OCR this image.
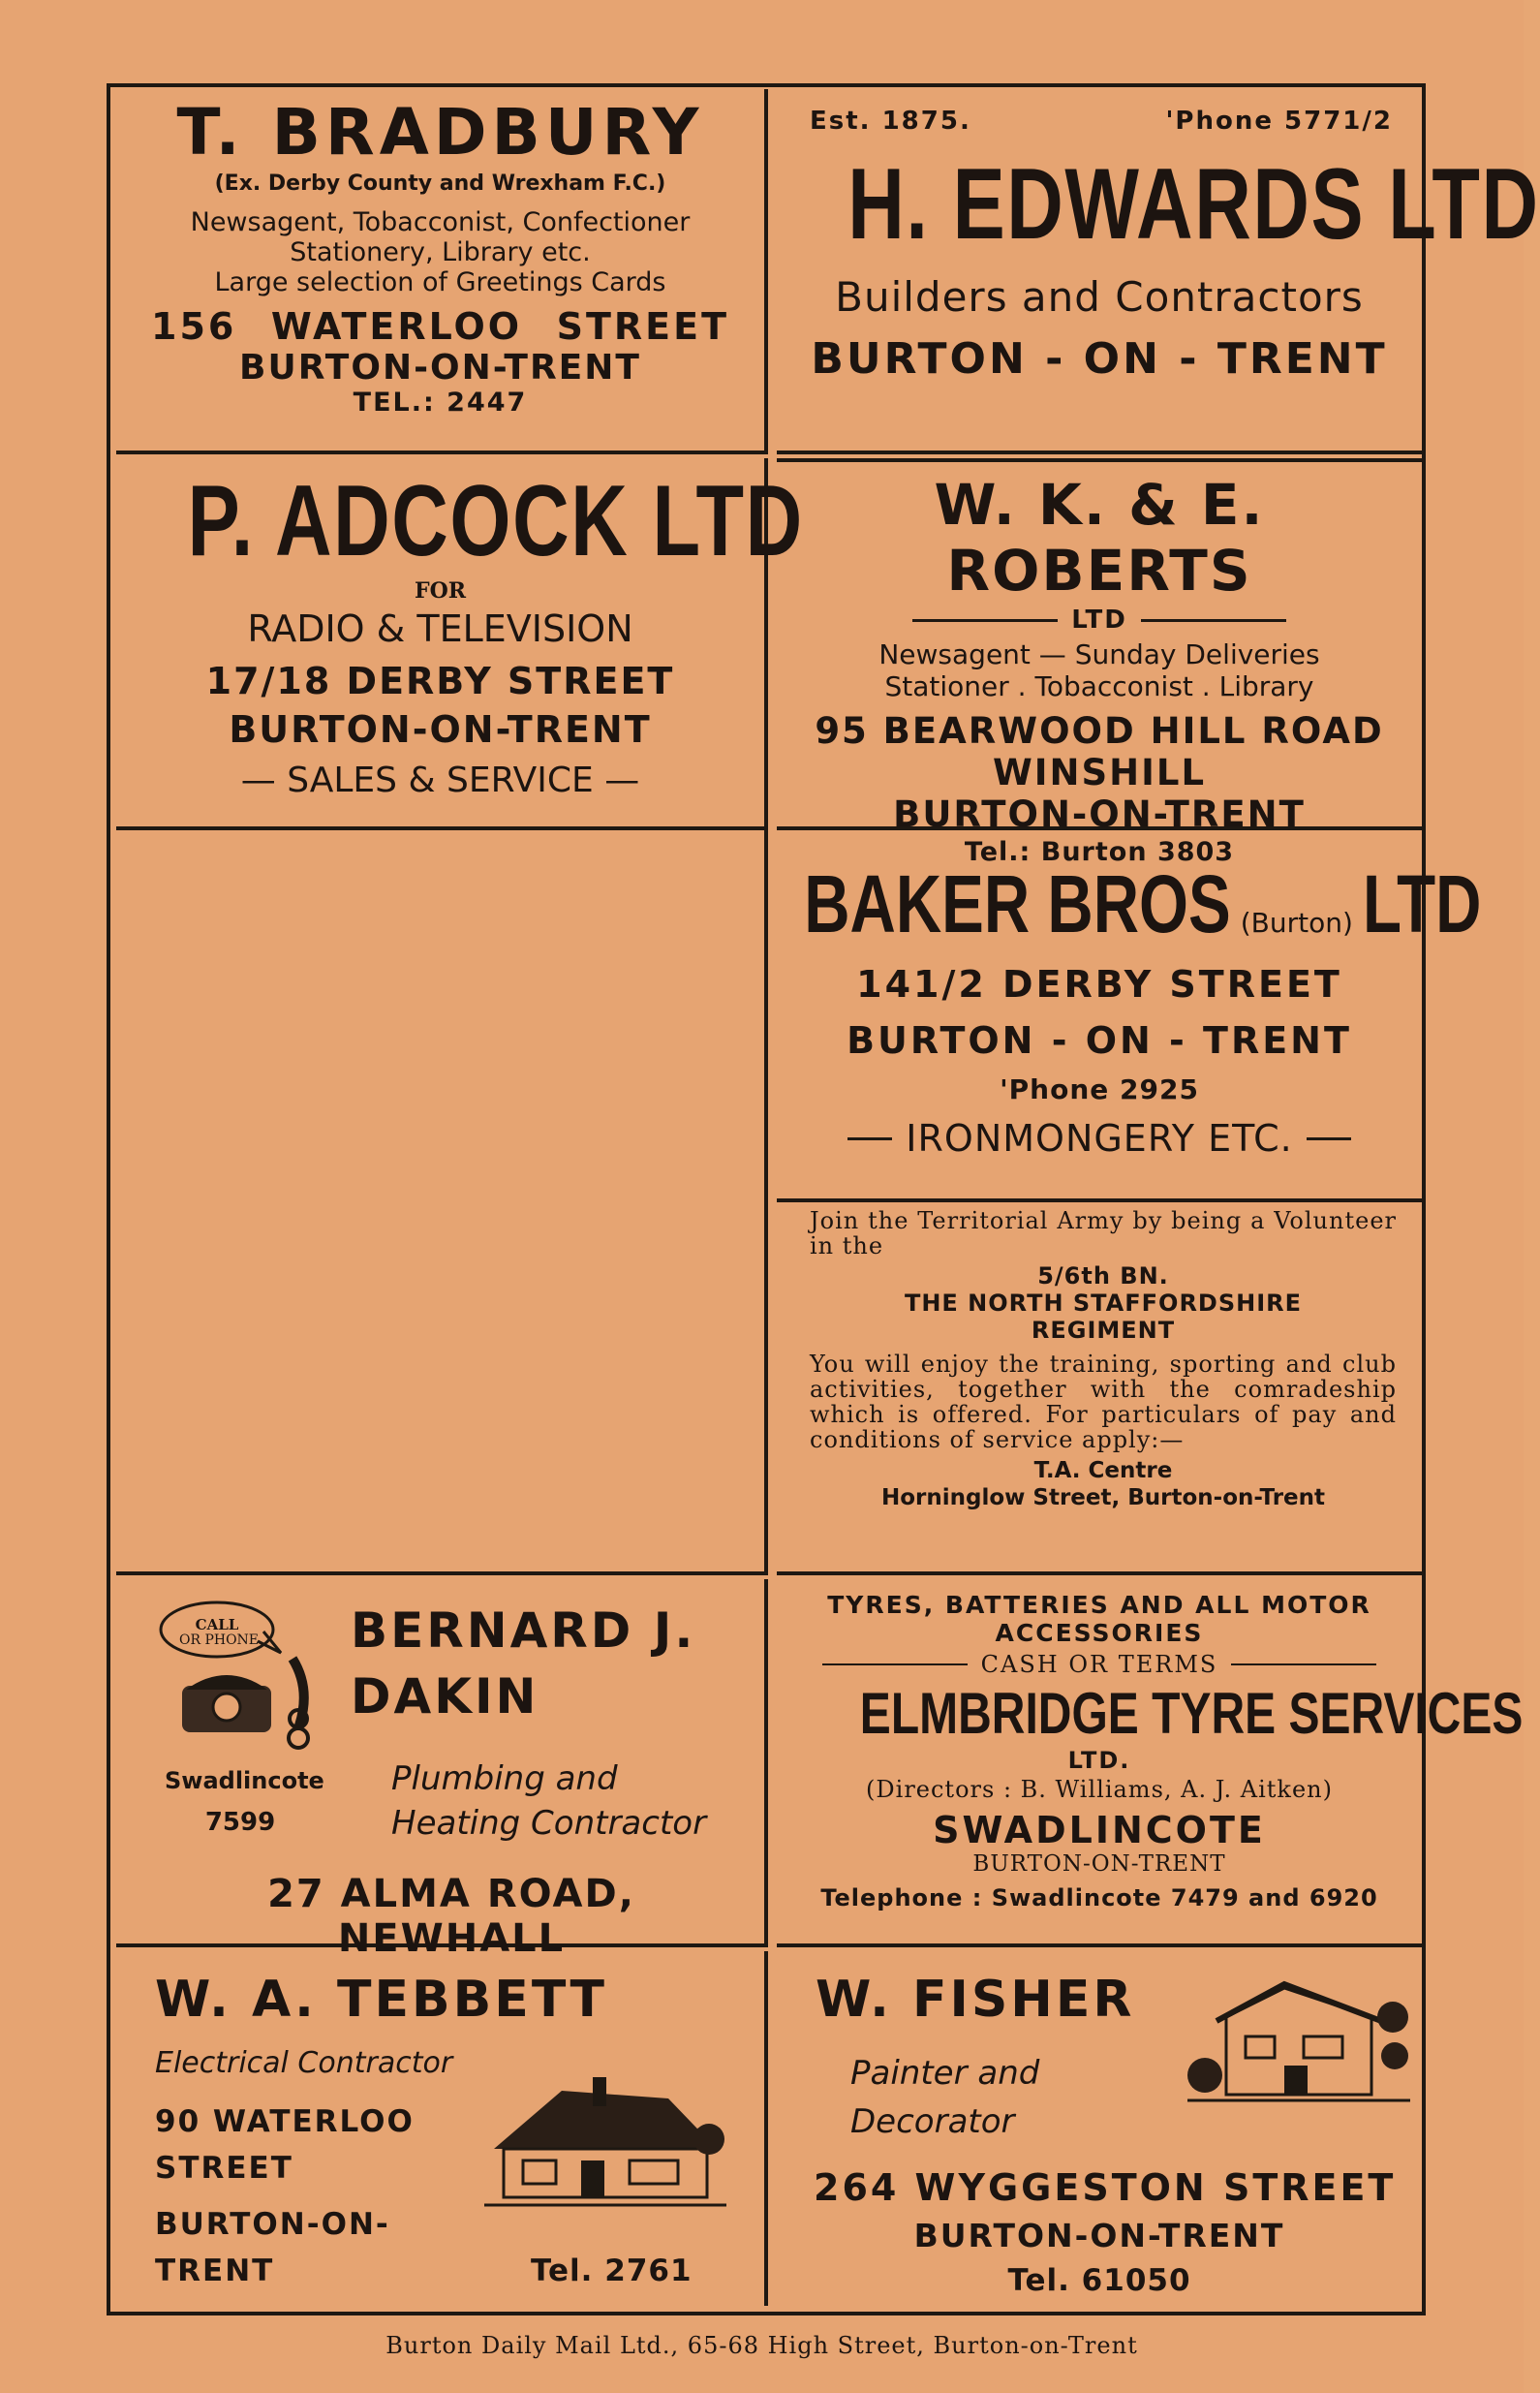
T. BRADBURY
(Ex. Derby County and Wrexham F.C.)
Newsagent, Tobacconist, Confectioner
Stationery, Library etc.
Large selection of Greetings Cards
156 WATERLOO STREET
BURTON-ON-TRENT
TEL.: 2447
Est. 1875.	'Phone 5771/2
H. EDWARDS LTD
Builders and Contractors
BURTON - ON - TRENT
P. ADCOCK LTD
FOR
RADIO & TELEVISION
17/18 DERBY STREET
BURTON-ON-TRENT
— SALES & SERVICE —
W. K. & E. ROBERTS
LTD
Newsagent — Sunday Deliveries
Stationer . Tobacconist . Library
95 BEARWOOD HILL ROAD
WINSHILL
BURTON-ON-TRENT
Tel.: Burton 3803
BAKER BROS (Burton) LTD
141/2 DERBY STREET
BURTON - ON - TRENT
'Phone 2925
IRONMONGERY ETC.
Join the Territorial Army by being a Volunteer in the
5/6th BN.
THE NORTH STAFFORDSHIRE
REGIMENT
You will enjoy the training, sporting and club activities, together with the comradeship which is offered. For particulars of pay and conditions of service apply:—
T.A. Centre
Horninglow Street, Burton-on-Trent
CALL
OR PHONE BERNARD J.
DAKIN
Swadlincote
7599
Plumbing and
Heating Contractor
27 ALMA ROAD, NEWHALL
TYRES, BATTERIES AND ALL MOTOR
ACCESSORIES
CASH OR TERMS
ELMBRIDGE TYRE SERVICES
LTD.
(Directors : B. Williams, A. J. Aitken)
SWADLINCOTE
BURTON-ON-TRENT
Telephone : Swadlincote 7479 and 6920
W. A. TEBBETT
Electrical Contractor
90 WATERLOO
STREET
BURTON-ON-
TRENT	Tel. 2761
W. FISHER
Painter and
Decorator
264 WYGGESTON STREET
BURTON-ON-TRENT
Tel. 61050
Burton Daily Mail Ltd., 65-68 High Street, Burton-on-Trent
